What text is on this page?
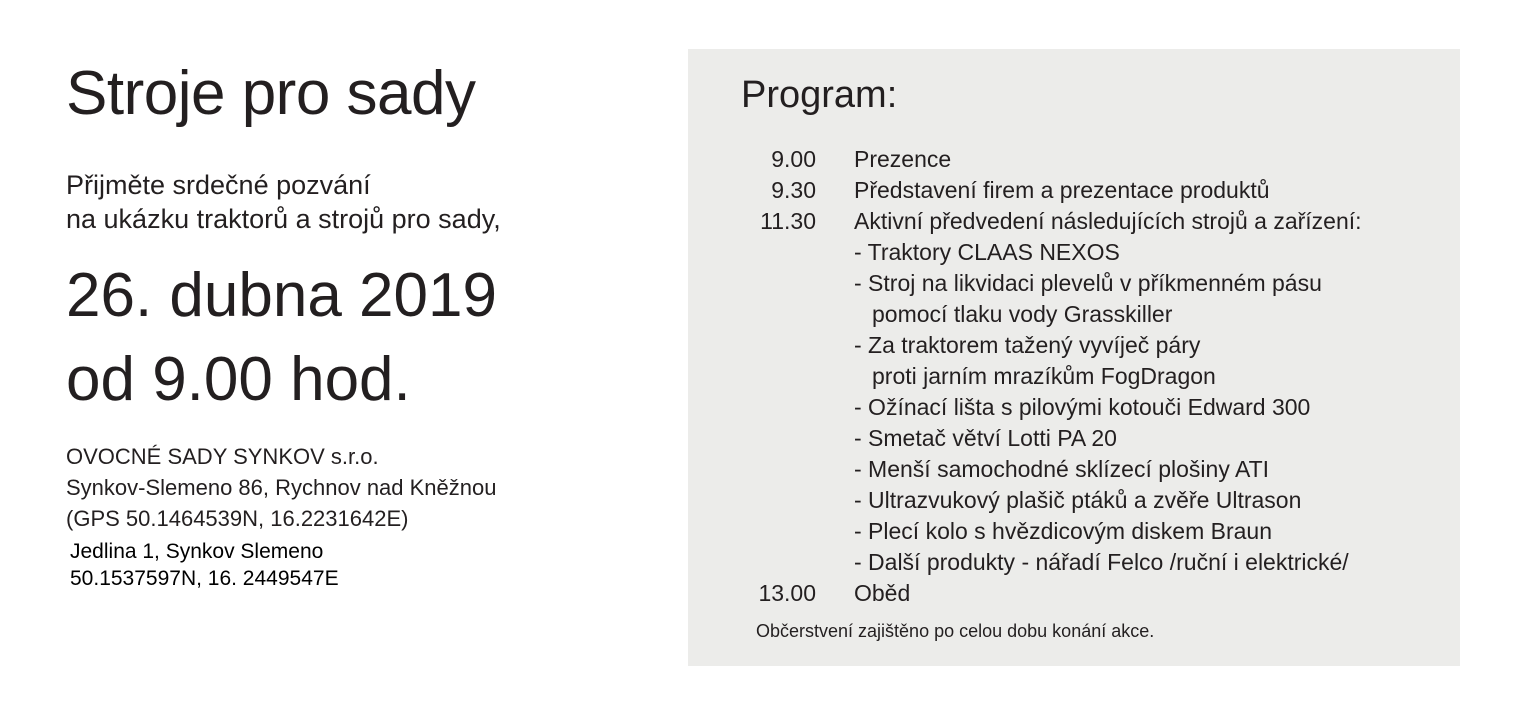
Stroje pro sady
Přijměte srdečné pozvání
na ukázku traktorů a strojů pro sady,
26. dubna 2019
od 9.00 hod.
OVOCNÉ SADY SYNKOV s.r.o.
Synkov-Slemeno 86, Rychnov nad Kněžnou
(GPS 50.1464539N, 16.2231642E)
Jedlina 1, Synkov Slemeno
50.1537597N, 16. 2449547E
Program:
9.00 Prezence
9.30 Představení firem a prezentace produktů
11.30 Aktivní předvedení následujících strojů a zařízení:
- Traktory CLAAS NEXOS
- Stroj na likvidaci plevelů v příkmenném pásu
pomocí tlaku vody Grasskiller
- Za traktorem tažený vyvíječ páry
proti jarním mrazíkům FogDragon
- Ožínací lišta s pilovými kotouči Edward 300
- Smetač větví Lotti PA 20
- Menší samochodné sklízecí plošiny ATI
- Ultrazvukový plašič ptáků a zvěře Ultrason
- Plecí kolo s hvězdicovým diskem Braun
- Další produkty - nářadí Felco /ruční i elektrické/
13.00 Oběd
Občerstvení zajištěno po celou dobu konání akce.
